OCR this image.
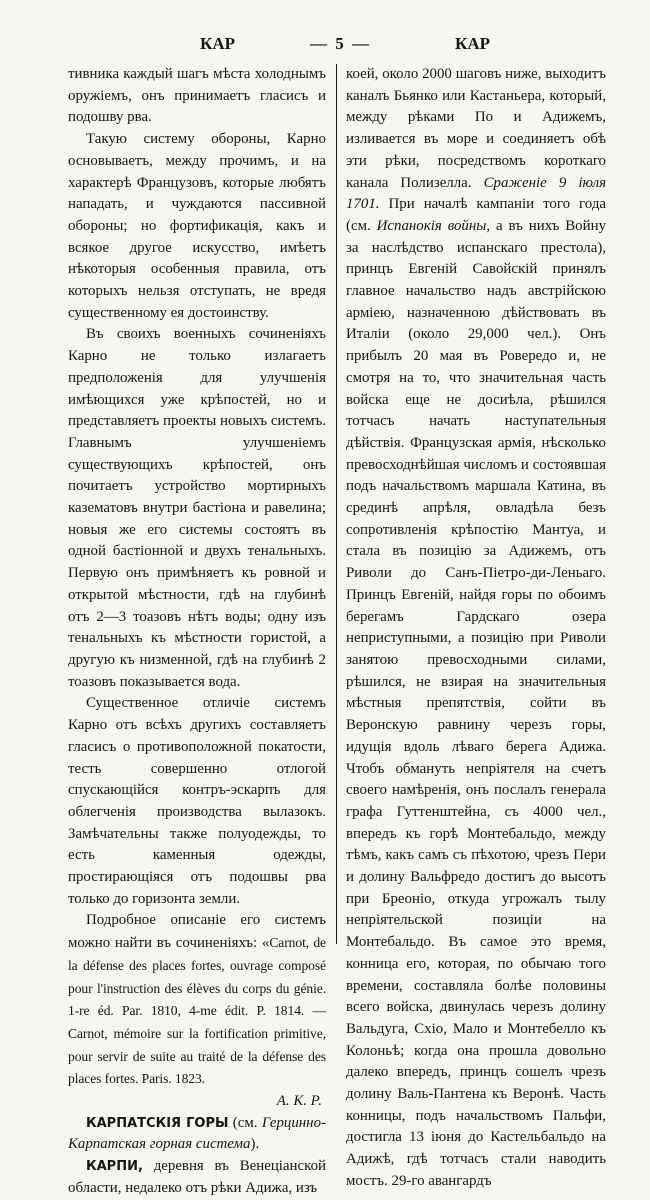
КАР	— 5 —	КАР

тивника каждый шагъ мѣста холоднымъ оружіемъ, онъ принимаетъ гласисъ и подошву рва.

Такую систему обороны, Карно основываетъ, между прочимъ, и на характерѣ Французовъ, которые любятъ нападать, и чуждаются пассивной обороны; но фортификація, какъ и всякое другое искусство, имѣетъ нѣкоторыя особенныя правила, отъ которыхъ нельзя отступать, не вредя существенному ея достоинству.

Въ своихъ военныхъ сочиненіяхъ Карно не только излагаетъ предположенія для улучшенія имѣющихся уже крѣпостей, но и представляетъ проекты новыхъ системъ. Главнымъ улучшеніемъ существующихъ крѣпостей, онъ почитаетъ устройство мортирныхъ казематовъ внутри бастіона и равелина; новыя же его системы состоятъ въ одной бастіонной и двухъ тенальныхъ. Первую онъ примѣняетъ къ ровной и открытой мѣстности, гдѣ на глубинѣ отъ 2—3 тоазовъ нѣтъ воды; одну изъ тенальныхъ къ мѣстности гористой, а другую къ низменной, гдѣ на глубинѣ 2 тоазовъ показывается вода.

Существенное отличіе системъ Карно отъ всѣхъ другихъ составляетъ гласисъ о противоположной покатости, тесть совершенно отлогой спускающійся контръ-эскарпъ для облегченія производства вылазокъ. Замѣчательны также полуодежды, то есть каменныя одежды, простирающіяся отъ подошвы рва только до горизонта земли.

Подробное описаніе его системъ можно найти въ сочиненіяхъ: «Carnot, de la défense des places fortes, ouvrage composé pour l'instruction des élèves du corps du génie. 1-re éd. Par. 1810, 4-me édit. P. 1814. — Carnot, mémoire sur la fortification primitive, pour servir de suite au traité de la défense des places fortes. Paris. 1823.

А. К. Р.

КАРПАТСКІЯ ГОРЫ (см. Герцинно-Карпатская горная система).

КАРПИ, деревня въ Венеціанской области, недалеко отъ рѣки Адижа, изъ

коей, около 2000 шаговъ ниже, выходитъ каналъ Бьянко или Кастаньера, который, между рѣками По и Адижемъ, изливается въ море и соединяетъ обѣ эти рѣки, посредствомъ короткаго канала Полизелла. Сраженіе 9 іюля 1701. При началѣ кампаніи того года (см. Испанокія войны, а въ нихъ Войну за наслѣдство испанскаго престола), принцъ Евгеній Савойскій принялъ главное начальство надъ австрійскою арміею, назначенною дѣйствовать въ Италіи (около 29,000 чел.). Онъ прибылъ 20 мая въ Ровередо и, не смотря на то, что значительная часть войска еще не досиѣла, рѣшился тотчасъ начать наступательныя дѣйствія. Французская армія, нѣсколько превосходнѣйшая числомъ и состоявшая подъ начальствомъ маршала Катина, въ срединѣ апрѣля, овладѣла безъ сопротивленія крѣпостію Мантуа, и стала въ позицію за Адижемъ, отъ Риволи до Санъ-Піетро-ди-Леньаго. Принцъ Евгеній, найдя горы по обоимъ берегамъ Гардскаго озера неприступными, а позицію при Риволи занятою превосходными силами, рѣшился, не взирая на значительныя мѣстныя препятствія, сойти въ Веронскую равнину черезъ горы, идущія вдоль лѣваго берега Адижа. Чтобъ обмануть непріятеля на счетъ своего намѣренія, онъ послалъ генерала графа Гуттенштейна, съ 4000 чел., впередъ къ горѣ Монтебальдо, между тѣмъ, какъ самъ съ пѣхотою, чрезъ Пери и долину Вальфредо достигъ до высотъ при Бреоніо, откуда угрожалъ тылу непріятельской позиціи на Монтебальдо. Въ самое это время, конница его, которая, по обычаю того времени, составляла болѣе половины всего войска, двинулась черезъ долину Вальдуга, Сxіо, Мало и Монтебелло къ Колоньѣ; когда она прошла довольно далеко впередъ, принцъ сошелъ чрезъ долину Валь-Пантена къ Веронѣ. Часть конницы, подъ начальствомъ Пальфи, достигла 13 іюня до Кастельбальдо на Адижѣ, гдѣ тотчасъ стали наводить мостъ. 29-го авангардъ
